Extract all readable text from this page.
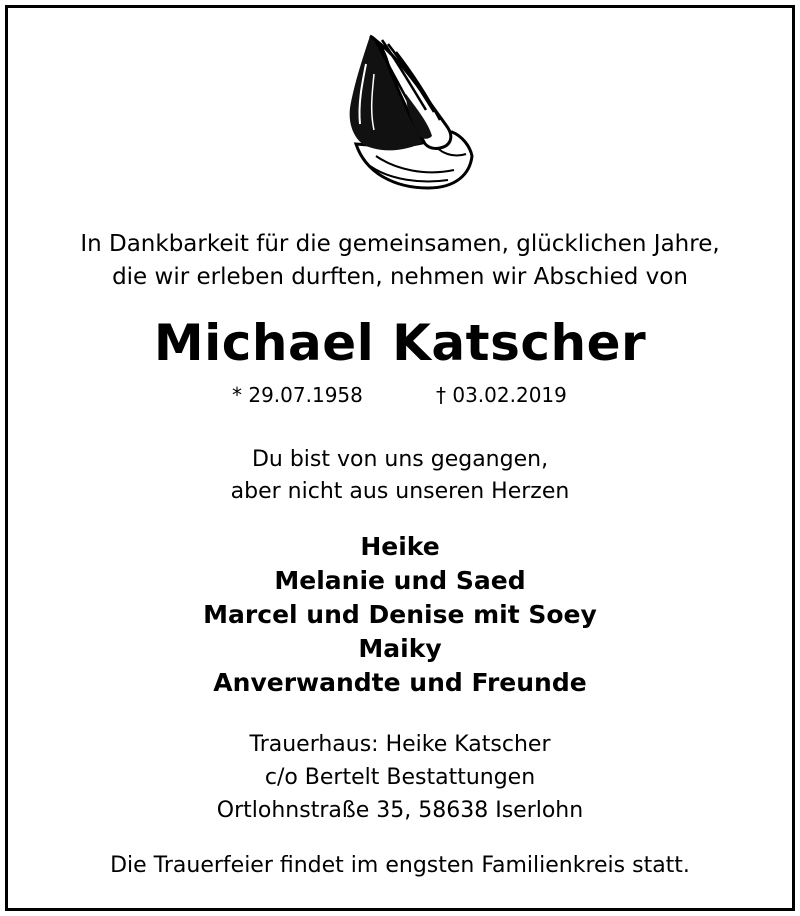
In Dankbarkeit für die gemeinsamen, glücklichen Jahre,
die wir erleben durften, nehmen wir Abschied von
Michael Katscher
* 29.07.1958	† 03.02.2019
Du bist von uns gegangen,
aber nicht aus unseren Herzen
Heike
Melanie und Saed
Marcel und Denise mit Soey
Maiky
Anverwandte und Freunde
Trauerhaus: Heike Katscher
c/o Bertelt Bestattungen
Ortlohnstraße 35, 58638 Iserlohn
Die Trauerfeier findet im engsten Familienkreis statt.
